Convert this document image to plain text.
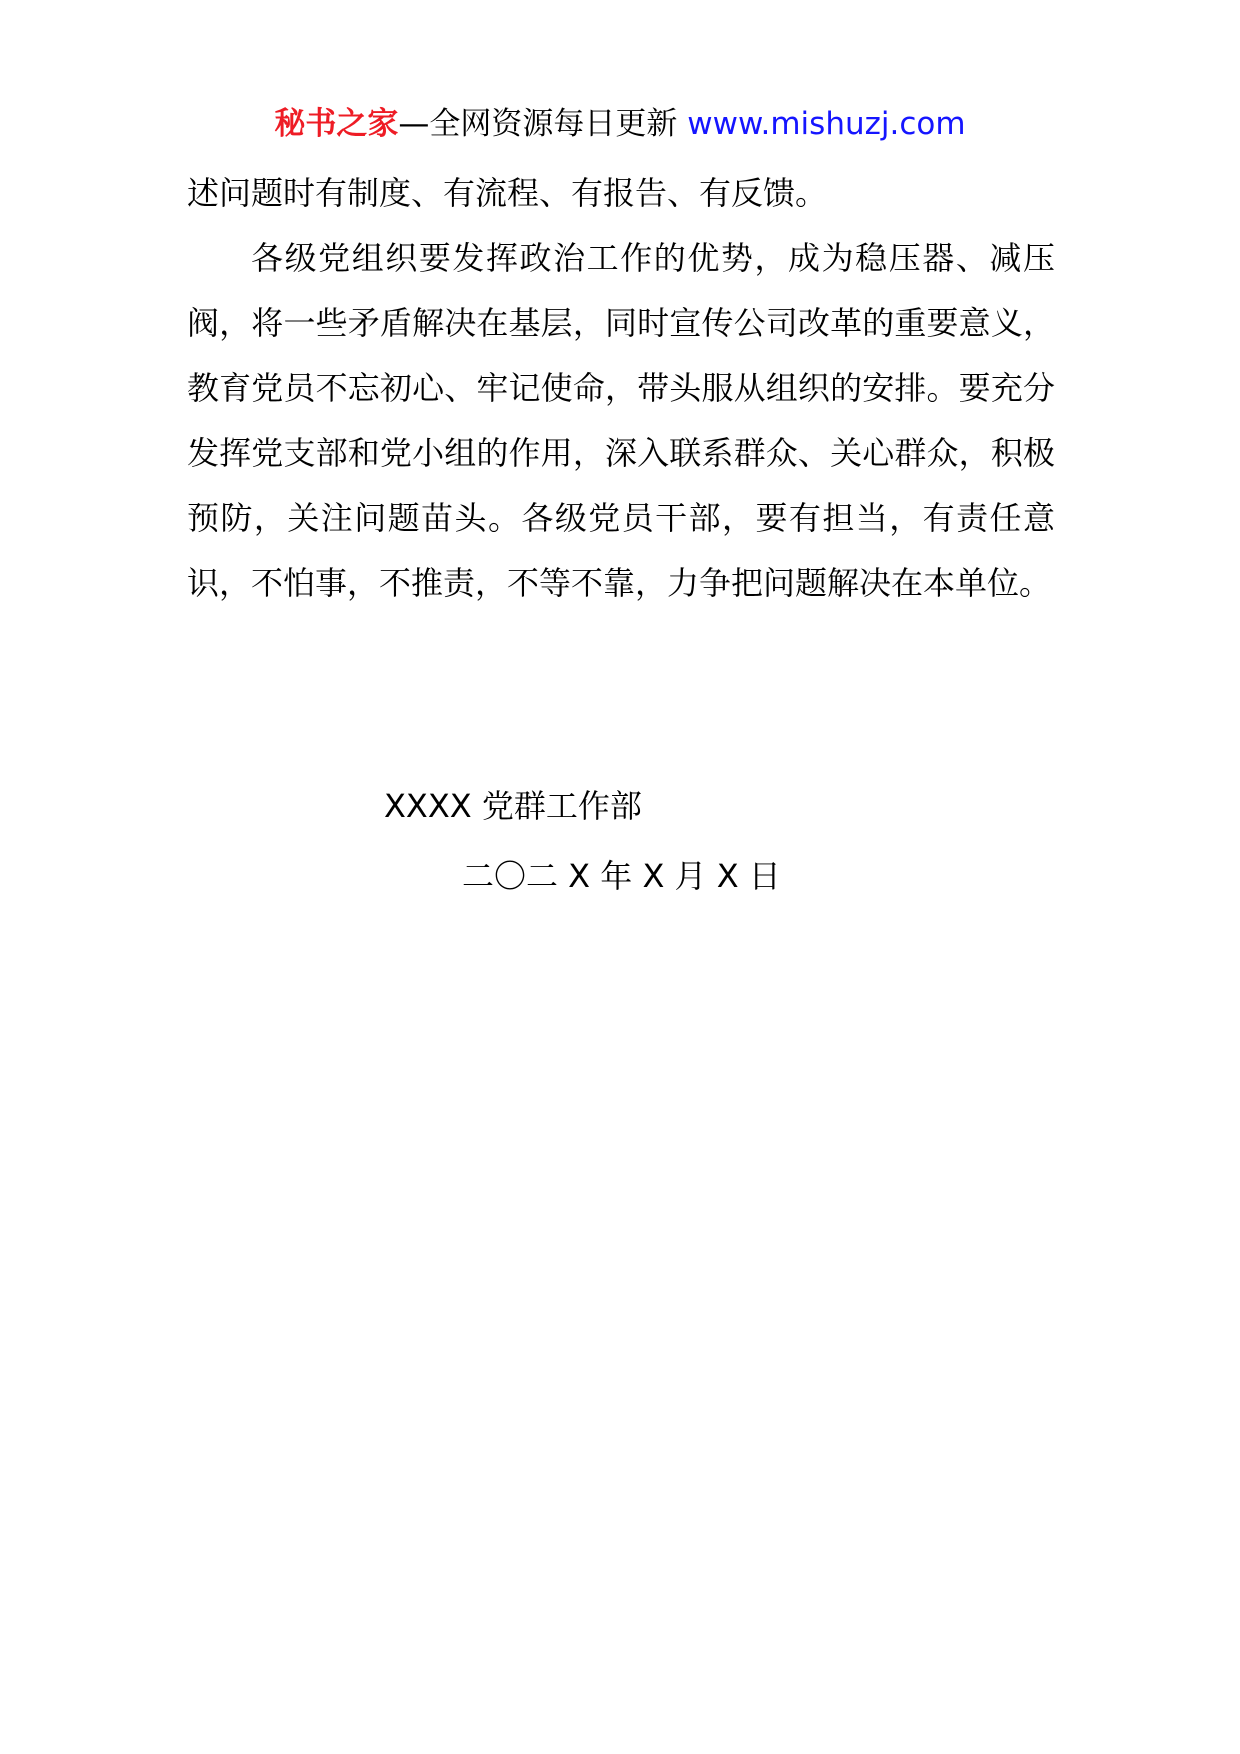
秘书之家—全网资源每日更新 www.mishuzj.com

述问题时有制度、有流程、有报告、有反馈。

各级党组织要发挥政治工作的优势，成为稳压器、减压阀，将一些矛盾解决在基层，同时宣传公司改革的重要意义，教育党员不忘初心、牢记使命，带头服从组织的安排。要充分发挥党支部和党小组的作用，深入联系群众、关心群众，积极预防，关注问题苗头。各级党员干部，要有担当，有责任意识，不怕事，不推责，不等不靠，力争把问题解决在本单位。

XXXX 党群工作部
二〇二 X 年 X 月 X 日
